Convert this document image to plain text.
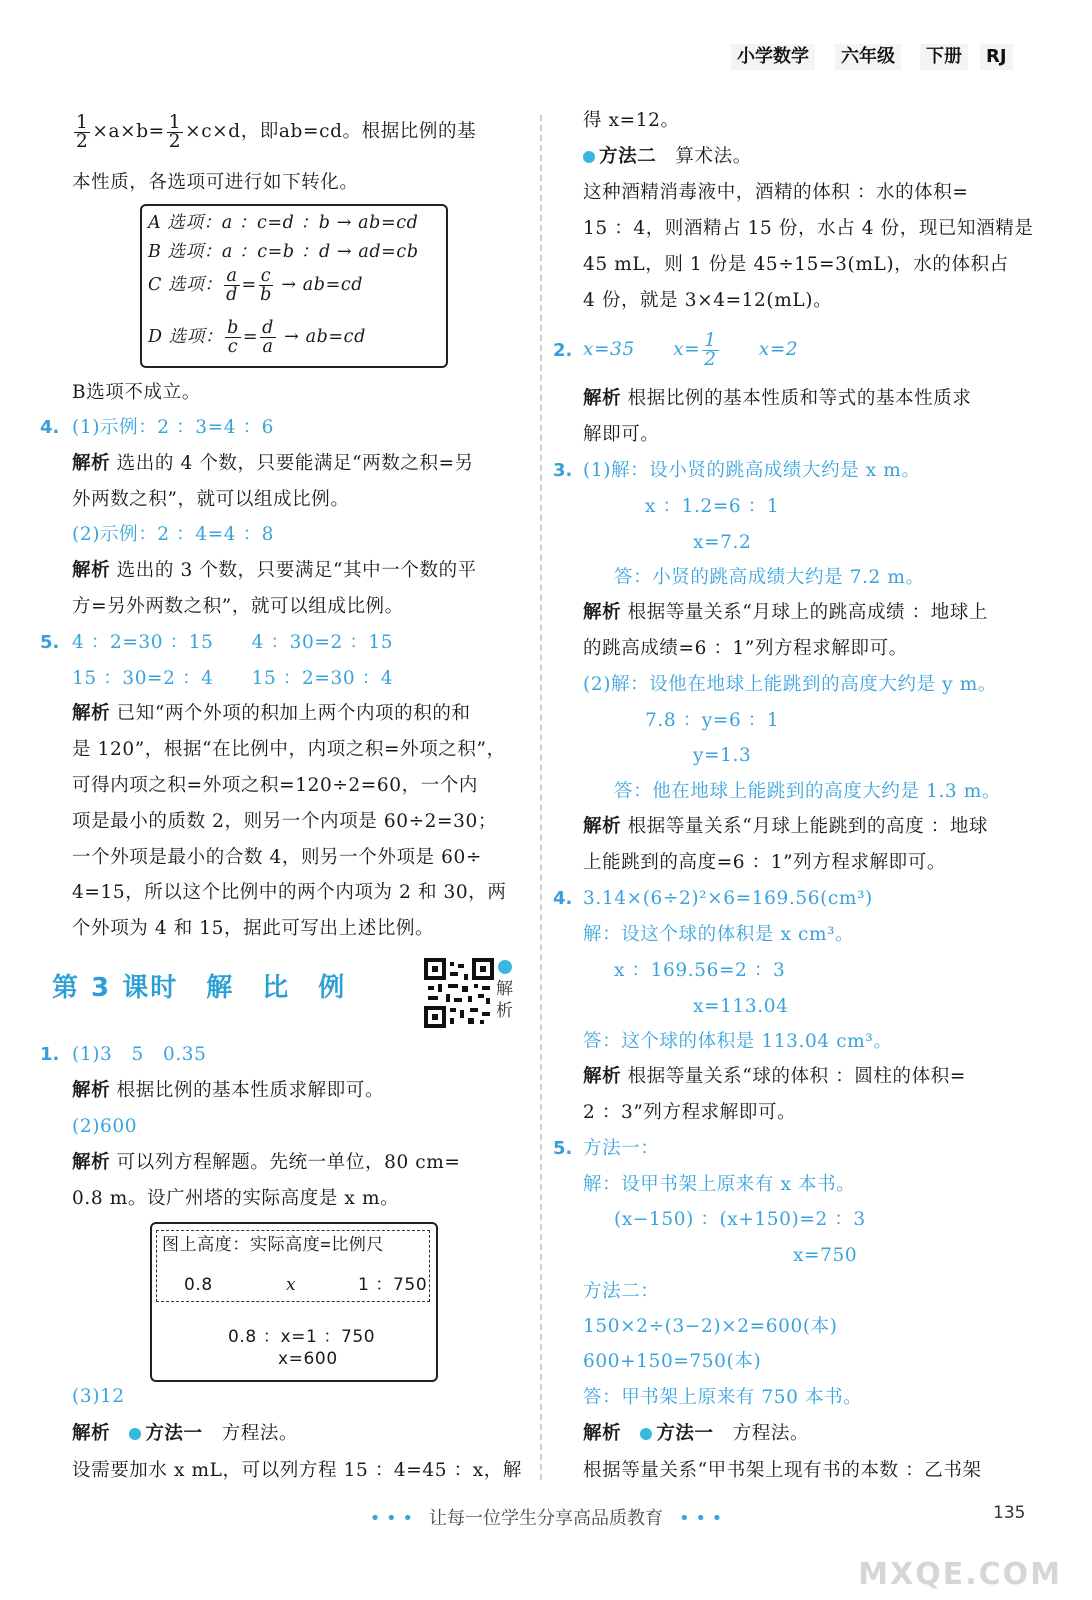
小学数学	六年级	下册	RJ
$\frac{1}{2} \times a\times b= \frac{1}{2} \times c\times d$，即ab=cd。根据比例的基
本性质，各选项可进行如下转化。
A 选项：a ：c=d ：b → ab=cd
B 选项：a ：c=b ：d → ad=cb
C 选项： $\frac{a}{d} = \frac{c}{b} \to ab=cd$
D 选项： $\frac{b}{c} = \frac{d}{a} \to ab=cd$
B选项不成立。
4. (1)示例：2 ：3=4 ：6
解析 选出的 4 个数，只要能满足“两数之积=另
外两数之积”，就可以组成比例。
(2)示例：2 ：4=4 ：8
解析 选出的 3 个数，只要满足“其中一个数的平
方=另外两数之积”，就可以组成比例。
5. 4 ：2=30 ：15　　4 ：30=2 ：15
15 ：30=2 ：4　　15 ：2=30 ：4
解析 已知“两个外项的积加上两个内项的积的和
是 120”，根据“在比例中，内项之积=外项之积”，
可得内项之积=外项之积=120÷2=60，一个内
项是最小的质数 2，则另一个内项是 60÷2=30；
一个外项是最小的合数 4，则另一个外项是 60÷
4=15，所以这个比例中的两个内项为 2 和 30，两
个外项为 4 和 15，据此可写出上述比例。
第 3 课时　解　比　例	解析
1. (1)3　5　0.35
解析 根据比例的基本性质求解即可。
(2)600
解析 可以列方程解题。先统一单位，80 cm=
0.8 m。设广州塔的实际高度是 x m。
图上高度：实际高度=比例尺
0.8	x	1 ：750
0.8 ：x=1 ：750
x=600
(3)12
解析　 方法一　方程法。
设需要加水 x mL，可以列方程 15 ：4=45 ：x，解
得 x=12。
方法二　算术法。
这种酒精消毒液中，酒精的体积 ：水的体积=
15 ：4，则酒精占 15 份，水占 4 份，现已知酒精是
45 mL，则 1 份是 45÷15=3(mL)，水的体积占
4 份，就是 3×4=12(mL)。
2. x=35　　$x= \frac{1}{2}$ 　　x=2
解析 根据比例的基本性质和等式的基本性质求
解即可。
3. (1)解：设小贤的跳高成绩大约是 x m。
x ：1.2=6 ：1
x=7.2
答：小贤的跳高成绩大约是 7.2 m。
解析 根据等量关系“月球上的跳高成绩 ：地球上
的跳高成绩=6 ：1”列方程求解即可。
(2)解：设他在地球上能跳到的高度大约是 y m。
7.8 ：y=6 ：1
y=1.3
答：他在地球上能跳到的高度大约是 1.3 m。
解析 根据等量关系“月球上能跳到的高度 ：地球
上能跳到的高度=6 ：1”列方程求解即可。
4. 3.14×(6÷2)²×6=169.56(cm³)
解：设这个球的体积是 x cm³。
x ：169.56=2 ：3
x=113.04
答：这个球的体积是 113.04 cm³。
解析 根据等量关系“球的体积 ：圆柱的体积=
2 ：3”列方程求解即可。
5. 方法一：
解：设甲书架上原来有 x 本书。
(x−150) ：(x+150)=2 ：3
x=750
方法二：
150×2÷(3−2)×2=600(本)
600+150=750(本)
答：甲书架上原来有 750 本书。
解析　 方法一　方程法。
根据等量关系“甲书架上现有书的本数 ：乙书架
• • • 让每一位学生分享高品质教育 • • •	135
MXQE.COM
